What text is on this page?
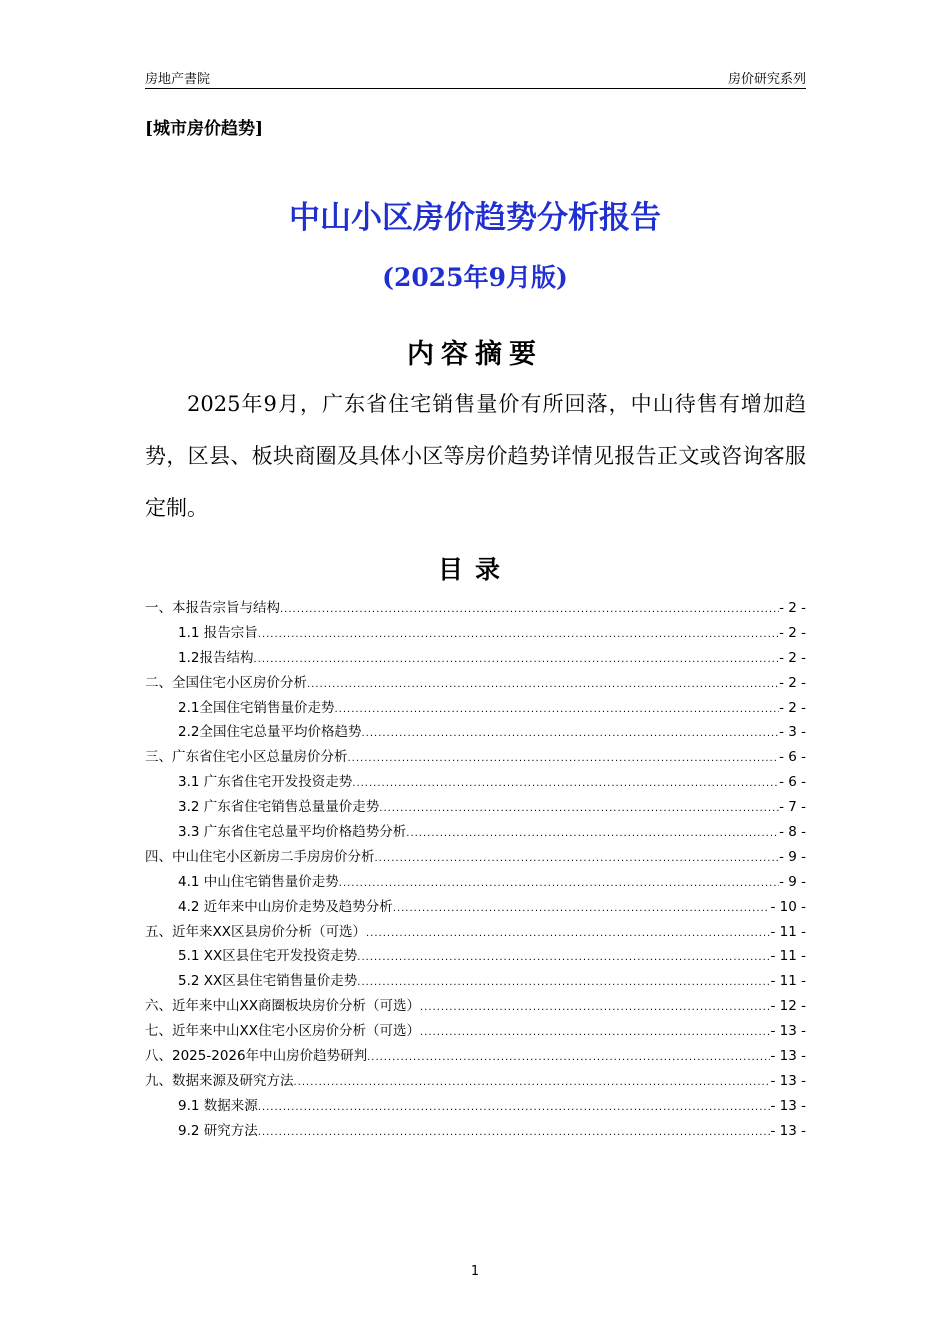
房地产書院	房价研究系列
[城市房价趋势]
中山小区房价趋势分析报告
(2025年9月版)
内容摘要

2025年9月，广东省住宅销售量价有所回落，中山待售有增加趋势，区县、板块商圈及具体小区等房价趋势详情见报告正文或咨询客服定制。

目录
一、本报告宗旨与结构 .....	- 2 -
1.1 报告宗旨 .....	- 2 -
1.2报告结构 .....	- 2 -
二、全国住宅小区房价分析 .....	- 2 -
2.1全国住宅销售量价走势 .....	- 2 -
2.2全国住宅总量平均价格趋势 .....	- 3 -
三、广东省住宅小区总量房价分析 .....	- 6 -
3.1 广东省住宅开发投资走势 .....	- 6 -
3.2 广东省住宅销售总量量价走势 .....	- 7 -
3.3 广东省住宅总量平均价格趋势分析 .....	- 8 -
四、中山住宅小区新房二手房房价分析 .....	- 9 -
4.1 中山住宅销售量价走势 .....	- 9 -
4.2 近年来中山房价走势及趋势分析 .....	- 10 -
五、近年来XX区县房价分析（可选） .....	- 11 -
5.1 XX区县住宅开发投资走势 .....	- 11 -
5.2 XX区县住宅销售量价走势 .....	- 11 -
六、近年来中山XX商圈板块房价分析（可选） .....	- 12 -
七、近年来中山XX住宅小区房价分析（可选） .....	- 13 -
八、2025-2026年中山房价趋势研判 .....	- 13 -
九、数据来源及研究方法 .....	- 13 -
9.1 数据来源 .....	- 13 -
9.2 研究方法 .....	- 13 -
1
